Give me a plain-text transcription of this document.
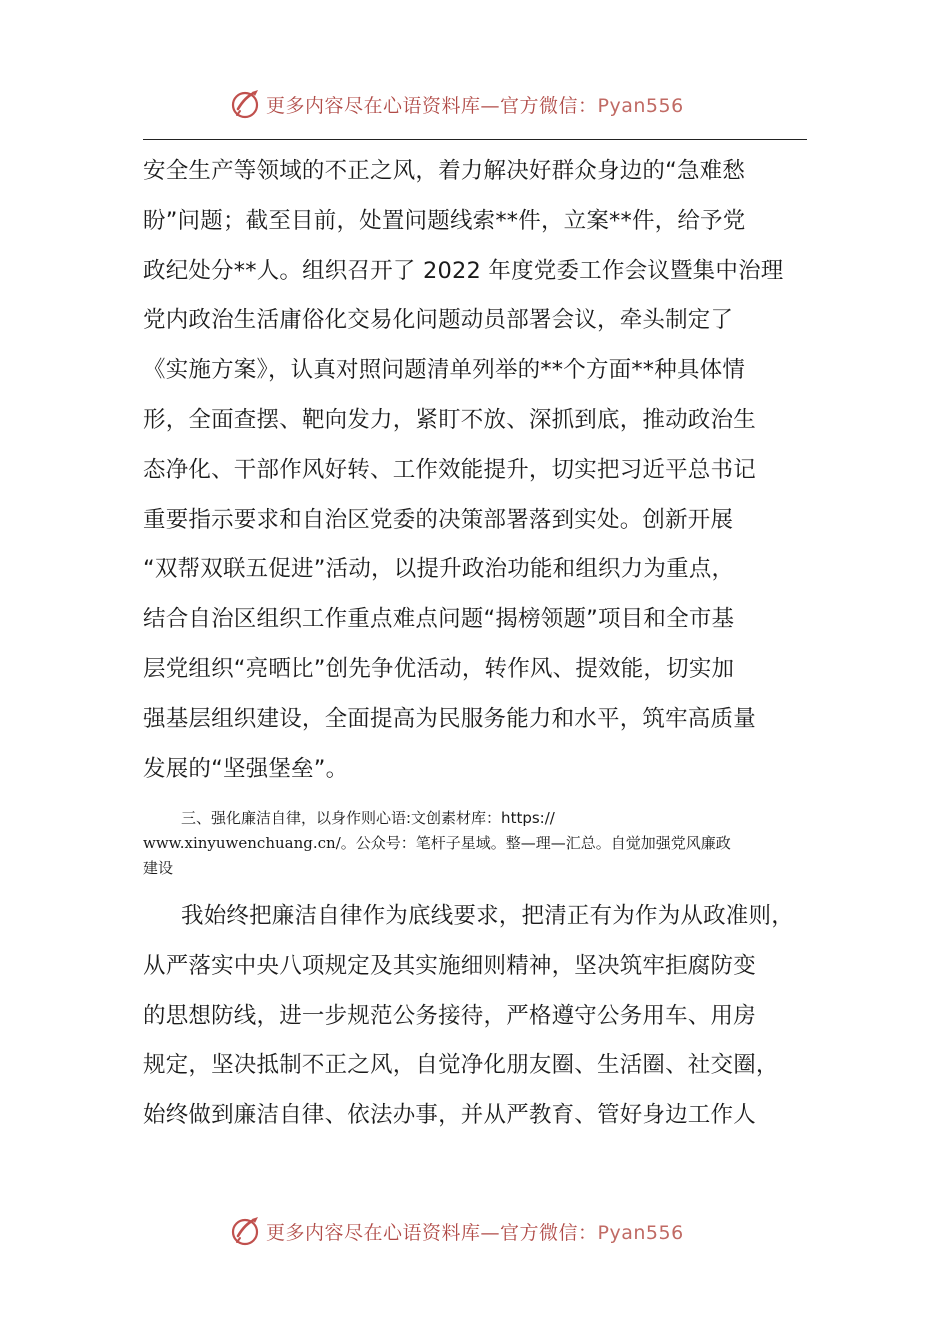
更多内容尽在心语资料库—官方微信：Pyan556
安全生产等领域的不正之风，着力解决好群众身边的“急难愁
盼”问题；截至目前，处置问题线索**件，立案**件，给予党
政纪处分**人。组织召开了 2022 年度党委工作会议暨集中治理
党内政治生活庸俗化交易化问题动员部署会议，牵头制定了
《实施方案》，认真对照问题清单列举的**个方面**种具体情
形，全面查摆、靶向发力，紧盯不放、深抓到底，推动政治生
态净化、干部作风好转、工作效能提升，切实把习近平总书记
重要指示要求和自治区党委的决策部署落到实处。创新开展
“双帮双联五促进”活动，以提升政治功能和组织力为重点，
结合自治区组织工作重点难点问题“揭榜领题”项目和全市基
层党组织“亮晒比”创先争优活动，转作风、提效能，切实加
强基层组织建设，全面提高为民服务能力和水平，筑牢高质量
发展的“坚强堡垒”。
三、强化廉洁自律，以身作则心语:文创素材库：https://
www.xinyuwenchuang.cn/。公众号：笔杆子星域。整—理—汇总。自觉加强党风廉政
建设
我始终把廉洁自律作为底线要求，把清正有为作为从政准则，
从严落实中央八项规定及其实施细则精神，坚决筑牢拒腐防变
的思想防线，进一步规范公务接待，严格遵守公务用车、用房
规定，坚决抵制不正之风，自觉净化朋友圈、生活圈、社交圈，
始终做到廉洁自律、依法办事，并从严教育、管好身边工作人
更多内容尽在心语资料库—官方微信：Pyan556
